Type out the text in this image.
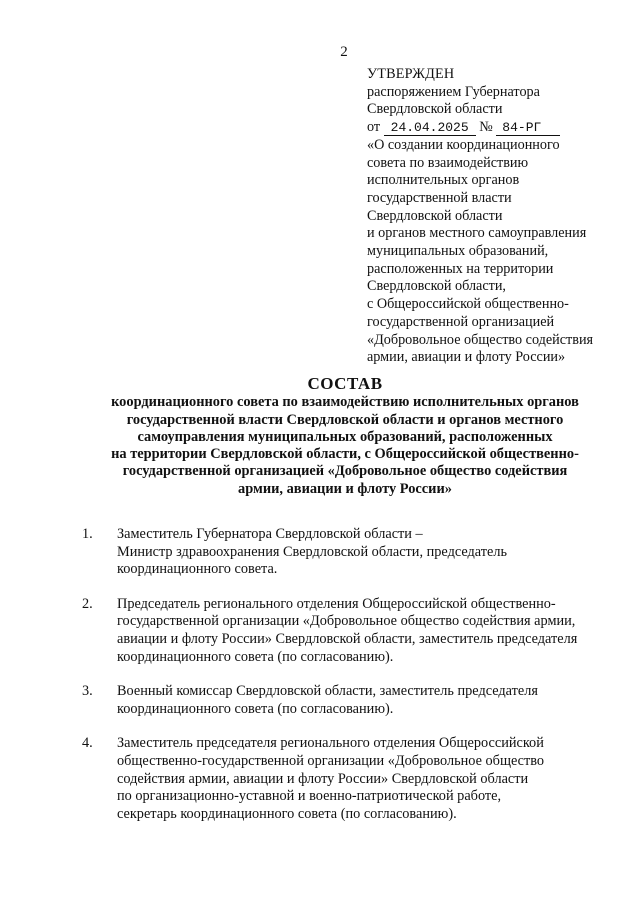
2
УТВЕРЖДЕН
распоряжением Губернатора
Свердловской области
от 24.04.2025 № 84-РГ
«О создании координационного
совета по взаимодействию
исполнительных органов
государственной власти
Свердловской области
и органов местного самоуправления
муниципальных образований,
расположенных на территории
Свердловской области,
с Общероссийской общественно-
государственной организацией
«Добровольное общество содействия
армии, авиации и флоту России»
СОСТАВ
координационного совета по взаимодействию исполнительных органов
государственной власти Свердловской области и органов местного
самоуправления муниципальных образований, расположенных
на территории Свердловской области, с Общероссийской общественно-
государственной организацией «Добровольное общество содействия
армии, авиации и флоту России»
1. Заместитель Губернатора Свердловской области –
Министр здравоохранения Свердловской области, председатель
координационного совета.
2. Председатель регионального отделения Общероссийской общественно-
государственной организации «Добровольное общество содействия армии,
авиации и флоту России» Свердловской области, заместитель председателя
координационного совета (по согласованию).
3. Военный комиссар Свердловской области, заместитель председателя
координационного совета (по согласованию).
4. Заместитель председателя регионального отделения Общероссийской
общественно-государственной организации «Добровольное общество
содействия армии, авиации и флоту России» Свердловской области
по организационно-уставной и военно-патриотической работе,
секретарь координационного совета (по согласованию).
